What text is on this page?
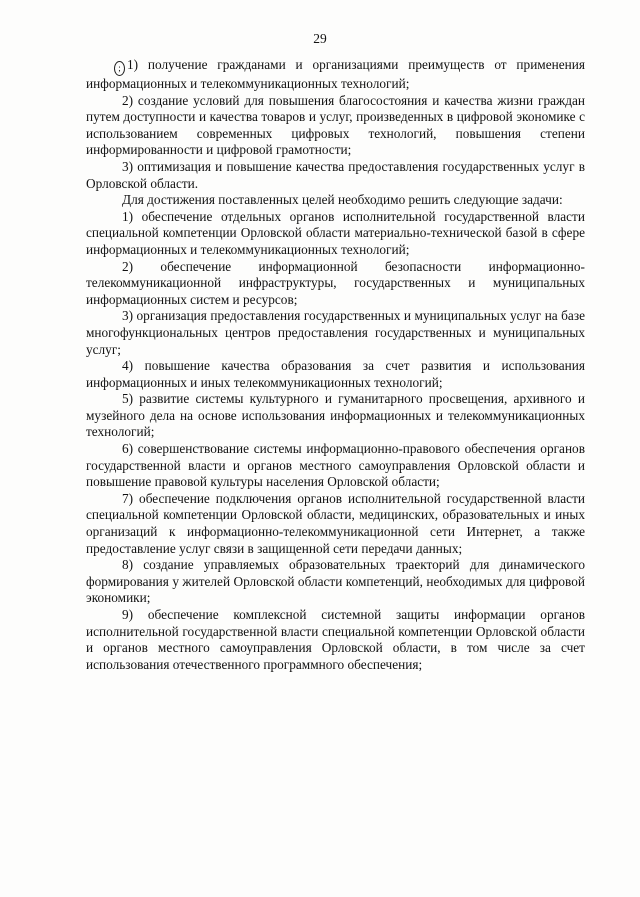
29

; 1) получение гражданами и организациями преимуществ от применения информационных и телекоммуникационных технологий;

2) создание условий для повышения благосостояния и качества жизни граждан путем доступности и качества товаров и услуг, произведенных в цифровой экономике с использованием современных цифровых технологий, повышения степени информированности и цифровой грамотности;

3) оптимизация и повышение качества предоставления государственных услуг в Орловской области.

Для достижения поставленных целей необходимо решить следующие задачи:

1) обеспечение отдельных органов исполнительной государственной власти специальной компетенции Орловской области материально-технической базой в сфере информационных и телекоммуникационных технологий;

2) обеспечение информационной безопасности информационно-телекоммуникационной инфраструктуры, государственных и муниципальных информационных систем и ресурсов;

3) организация предоставления государственных и муниципальных услуг на базе многофункциональных центров предоставления государственных и муниципальных услуг;

4) повышение качества образования за счет развития и использования информационных и иных телекоммуникационных технологий;

5) развитие системы культурного и гуманитарного просвещения, архивного и музейного дела на основе использования информационных и телекоммуникационных технологий;

6) совершенствование системы информационно-правового обеспечения органов государственной власти и органов местного самоуправления Орловской области и повышение правовой культуры населения Орловской области;

7) обеспечение подключения органов исполнительной государственной власти специальной компетенции Орловской области, медицинских, образовательных и иных организаций к информационно-телекоммуникационной сети Интернет, а также предоставление услуг связи в защищенной сети передачи данных;

8) создание управляемых образовательных траекторий для динамического формирования у жителей Орловской области компетенций, необходимых для цифровой экономики;

9) обеспечение комплексной системной защиты информации органов исполнительной государственной власти специальной компетенции Орловской области и органов местного самоуправления Орловской области, в том числе за счет использования отечественного программного обеспечения;
